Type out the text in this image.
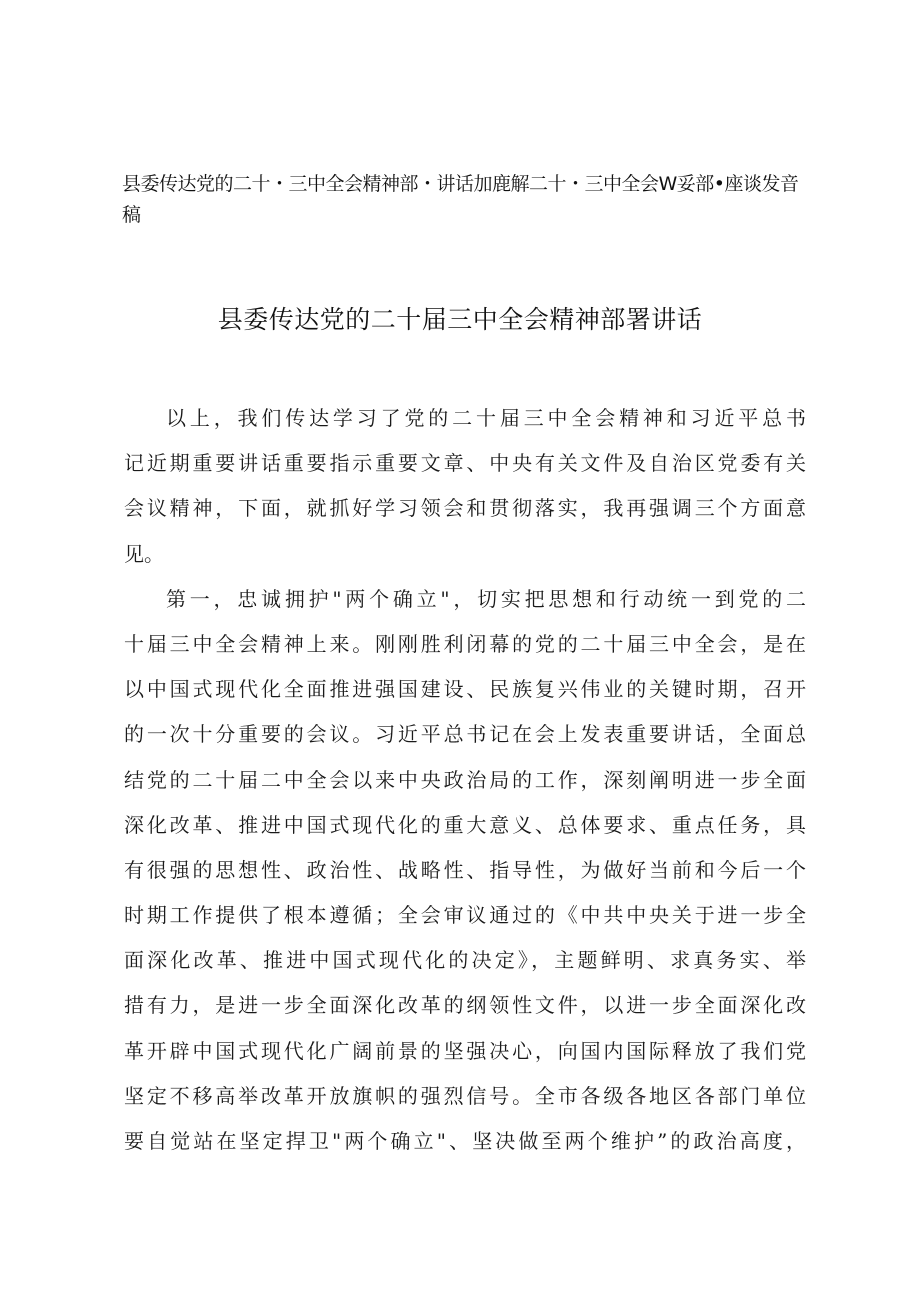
县委传达党的二十・三中全会精神部・讲话加鹿解二十・三中全会W妥部•座谈发音
稿
县委传达党的二十届三中全会精神部署讲话
以上，我们传达学习了党的二十届三中全会精神和习近平总书
记近期重要讲话重要指示重要文章、中央有关文件及自治区党委有关
会议精神，下面，就抓好学习领会和贯彻落实，我再强调三个方面意
见。
第一，忠诚拥护"两个确立"，切实把思想和行动统一到党的二
十届三中全会精神上来。刚刚胜利闭幕的党的二十届三中全会，是在
以中国式现代化全面推进强国建设、民族复兴伟业的关键时期，召开
的一次十分重要的会议。习近平总书记在会上发表重要讲话，全面总
结党的二十届二中全会以来中央政治局的工作，深刻阐明进一步全面
深化改革、推进中国式现代化的重大意义、总体要求、重点任务，具
有很强的思想性、政治性、战略性、指导性，为做好当前和今后一个
时期工作提供了根本遵循；全会审议通过的《中共中央关于进一步全
面深化改革、推进中国式现代化的决定》，主题鲜明、求真务实、举
措有力，是进一步全面深化改革的纲领性文件，以进一步全面深化改
革开辟中国式现代化广阔前景的坚强决心，向国内国际释放了我们党
坚定不移高举改革开放旗帜的强烈信号。全市各级各地区各部门单位
要自觉站在坚定捍卫"两个确立"、坚决做至两个维护”的政治高度，
